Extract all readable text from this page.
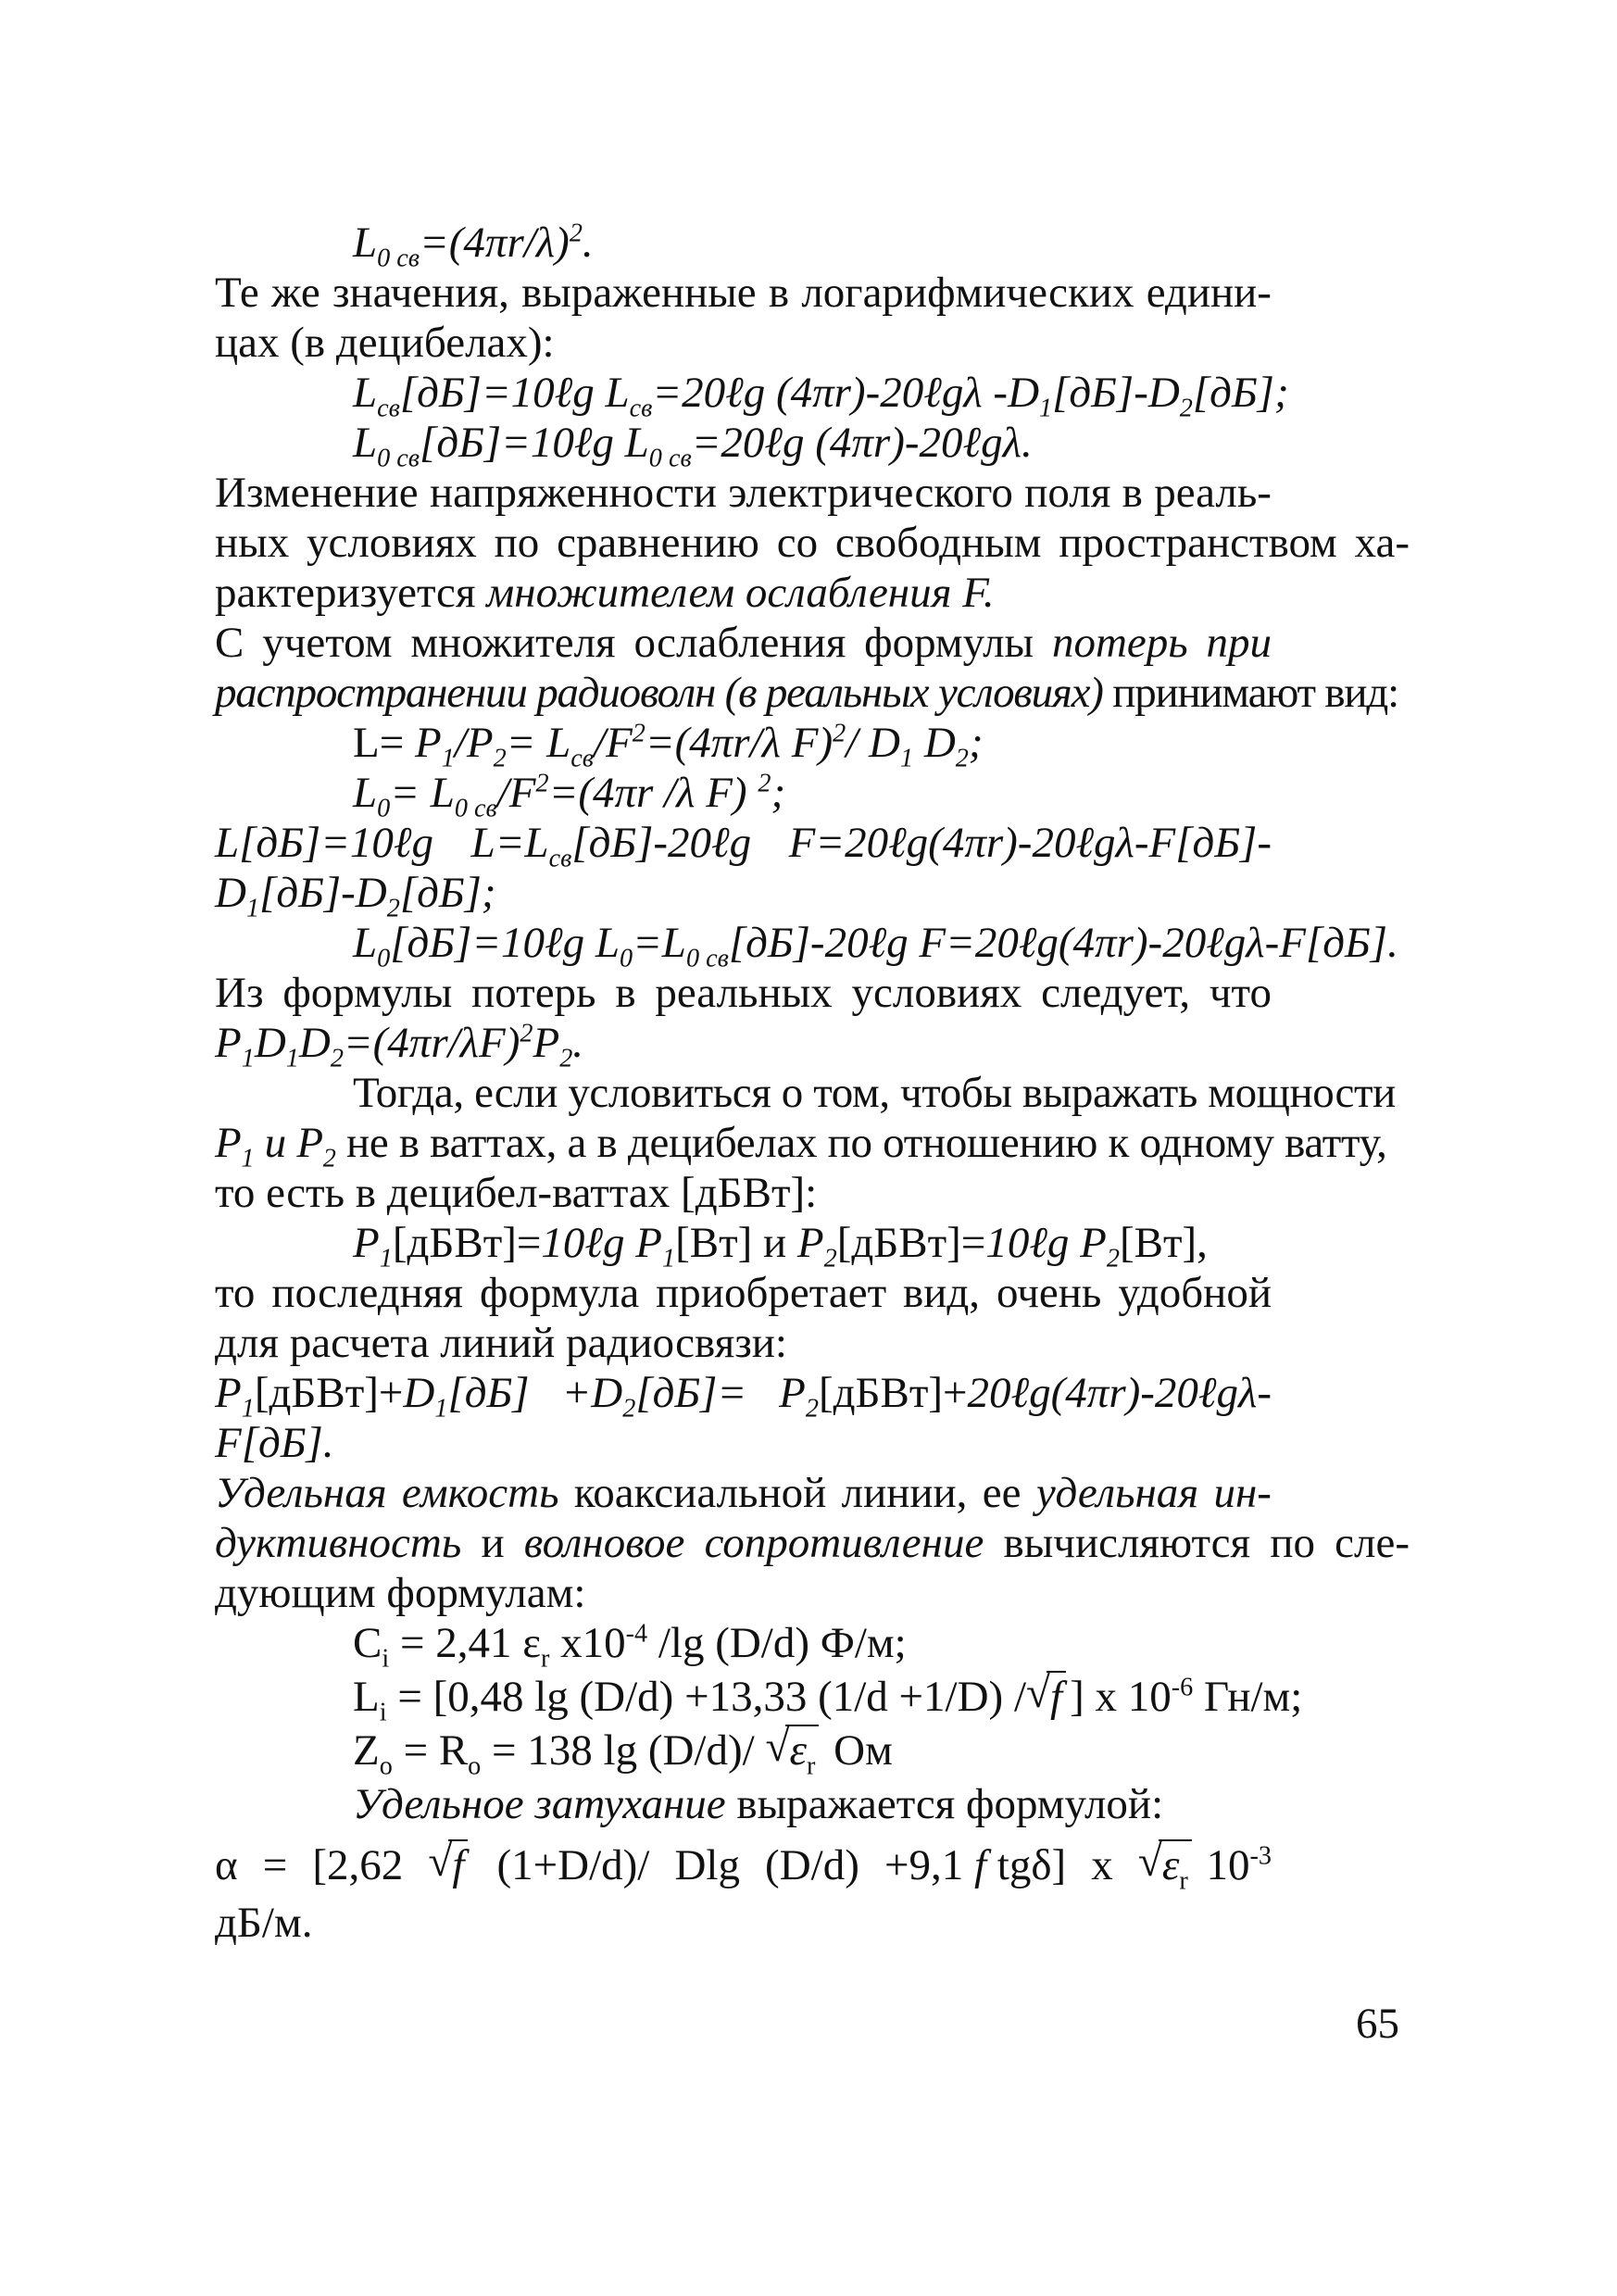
$L_{0 св}=(4\pi r/\lambda)^2$.
Те же значения, выраженные в логарифмических едини-
цах (в децибелах):
$L_{св}[дБ]=10\ell g$ $L_{св}=20\ell g$ (4πr)-20ℓgλ $-D_1[дБ]-D_2[дБ]$;
$L_{0 св}[дБ]=10\ell g$ $L_{0 св}=20\ell g$ (4πr)-20ℓgλ.
Изменение напряженности электрического поля в реаль-
ных условиях по сравнению со свободным пространством ха-
рактеризуется множителем ослабления F.
С учетом множителя ослабления формулы потерь при
распространении радиоволн (в реальных условиях) принимают вид:
$L= P_1/P_2= L_{св}/F^2=(4\pi r/\lambda$ F)$^2$/ $D_1$ $D_2$;
$L_0= L_{0 св}/F^2=(4\pi r$ /λ F) $^2$;
L[дБ]=10ℓg $L=L_{св}[дБ]-20\ell g$ F=20ℓg(4πr)-20ℓgλ-F[дБ]-
$D_1[дБ]-D_2[дБ]$;
$L_0[дБ]=10\ell g$ $L_0=L_{0 св}[дБ]-20\ell g$ F=20ℓg(4πr)-20ℓgλ-F[дБ].
Из формулы потерь в реальных условиях следует, что
$P_1D_1D_2=(4\pi r/\lambda F)^2P_2$.
Тогда, если условиться о том, чтобы выражать мощности
$P_1$ и $P_2$ не в ваттах, а в децибелах по отношению к одному ватту,
то есть в децибел-ваттах [дБВт]:
$P_1[дБВт]=10\ell g$ $P_1[Вт]$ и $P_2[дБВт]=10\ell g$ $P_2[Вт]$,
то последняя формула приобретает вид, очень удобной
для расчета линий радиосвязи:
$P_1[дБВт]+D_1[дБ] +D_2[дБ]=$ $P_2[дБВт]+20\ell g(4\pi r)-20\ell g\lambda-$
F[дБ].
Удельная емкость коаксиальной линии, ее удельная ин-
дуктивность и волновое сопротивление вычисляются по сле-
дующим формулам:
$C_i = 2,41$ $\varepsilon_r$ $x10^{-4}$ /lg (D/d) Ф/м;
$L_i = [0,48$ lg (D/d) +13,33 (1/d +1/D) / √ f ] x $10^{-6}$ Гн/м;
$Z_o = R_o = 138$ lg (D/d)/ √ $\varepsilon_r$ Ом
Удельное затухание выражается формулой:
α = [2,62 √ f (1+D/d)/ Dlg (D/d) +9,1 f tgδ] x √ $\varepsilon_r$ $10^{-3}$
дБ/м.
65
